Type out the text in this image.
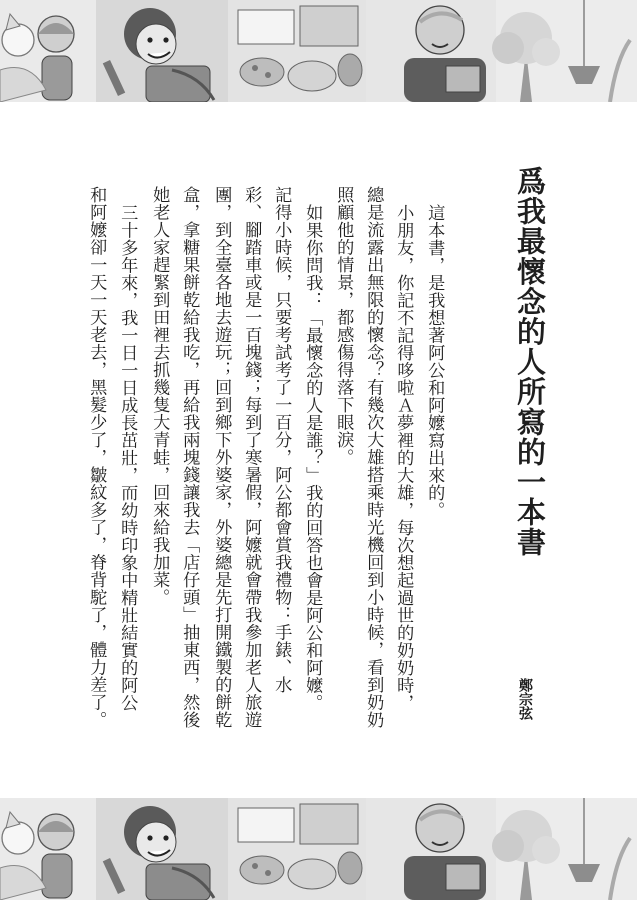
爲我最懷念的人所寫的一本書
鄭宗弦
這本書，是我想著阿公和阿嬤寫出來的。
小朋友，你記不記得哆啦Ａ夢裡的大雄，每次想起過世的奶奶時，
總是流露出無限的懷念？有幾次大雄搭乘時光機回到小時候，看到奶奶
照顧他的情景，都感傷得落下眼淚。
如果你問我：「最懷念的人是誰？」我的回答也會是阿公和阿嬤。
記得小時候，只要考試考了一百分，阿公都會賞我禮物：手錶、水
彩、腳踏車或是一百塊錢；每到了寒暑假，阿嬤就會帶我參加老人旅遊
團，到全臺各地去遊玩；回到鄉下外婆家，外婆總是先打開鐵製的餅乾
盒，拿糖果餅乾給我吃，再給我兩塊錢讓我去「店仔頭」抽東西，然後
她老人家趕緊到田裡去抓幾隻大青蛙，回來給我加菜。
三十多年來，我一日一日成長茁壯，而幼時印象中精壯結實的阿公
和阿嬤卻一天一天老去，黑髮少了，皺紋多了，脊背駝了，體力差了。
